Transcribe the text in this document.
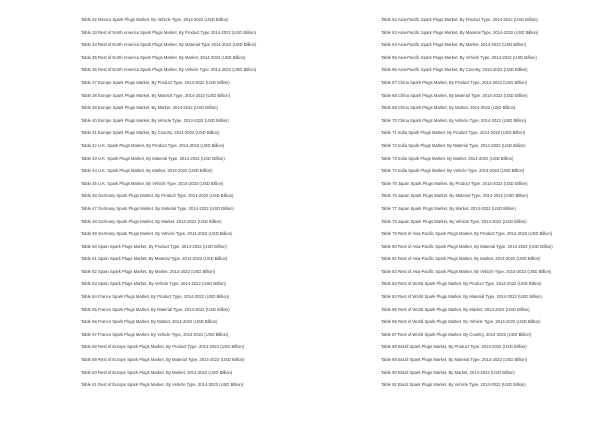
Table 32 Mexico Spark Plugs Market, By Vehicle Type, 2014-2022 (USD Billion)
Table 33 Rest of North America Spark Plugs Market, By Product Type 2014-2022 (USD Billion)
Table 34 Rest of North America Spark Plugs Market, By Material Type 2014-2022 (USD Billion)
Table 35 Rest of North America Spark Plugs Market, By Market, 2014-2022 (USD Billion)
Table 36 Rest of North America Spark Plugs Market, By Vehicle Type, 2014-2022 (USD Billion)
Table 37 Europe Spark Plugs Market, By Product Type, 2014-2022 (USD Billion)
Table 38 Europe Spark Plugs Market, By Material Type, 2014-2022 (USD Billion)
Table 39 Europe Spark Plugs Market, By Market, 2014-2022 (USD Billion)
Table 40 Europe Spark Plugs Market, By Vehicle Type, 2014-2022 (USD Billion)
Table 41 Europe Spark Plugs Market, By Country, 2014-2022 (USD Billion)
Table 42 U.K. Spark Plugs Market, By Product Type, 2014-2022 (USD Billion)
Table 43 U.K. Spark Plugs Market, By Material Type, 2014-2022 (USD Billion)
Table 44 U.K. Spark Plugs Market, By Market, 2014-2022 (USD Billion)
Table 45 U.K. Spark Plugs Market, By Vehicle Type, 2014-2022 (USD Billion)
Table 46 Germany Spark Plugs Market, By Product Type, 2014-2022 (USD Billion)
Table 47 Germany Spark Plugs Market, By Material Type, 2014-2022 (USD Billion)
Table 48 Germany Spark Plugs Market, By Market, 2014-2022 (USD Billion)
Table 49 Germany Spark Plugs Market, By Vehicle Type, 2014-2022 (USD Billion)
Table 50 Spain Spark Plugs Market, By Product Type, 2014-2022 (USD Billion)
Table 51 Spain Spark Plugs Market, By Material Type, 2014-2022 (USD Billion)
Table 52 Spain Spark Plugs Market, By Market, 2014-2022 (USD Billion)
Table 53 Spain Spark Plugs Market, By Vehicle Type, 2014-2022 (USD Billion)
Table 54 France Spark Plugs Market, By Product Type, 2014-2022 (USD Billion)
Table 55 France Spark Plugs Market, By Material Type, 2014-2022 (USD Billion)
Table 56 France Spark Plugs Market, By Market, 2014-2022 (USD Billion)
Table 57 France Spark Plugs Market, By Vehicle Type, 2014-2022 (USD Billion)
Table 58 Rest of Europe Spark Plugs Market, By Product Type, 2014-2022 (USD Billion)
Table 59 Rest of Europe Spark Plugs Market, By Material Type, 2014-2022 (USD Billion)
Table 60 Rest of Europe Spark Plugs Market, By Market, 2014-2022 (USD Billion)
Table 61 Rest of Europe Spark Plugs Market, By Vehicle Type, 2014-2022 (USD Billion)
Table 62 Asia-Pacific Spark Plugs Market, By Product Type, 2014-2022 (USD Billion)
Table 63 Asia-Pacific Spark Plugs Market, By Material Type, 2014-2022 (USD Billion)
Table 64 Asia-Pacific Spark Plugs Market, By Market, 2014-2022 (USD Billion)
Table 65 Asia-Pacific Spark Plugs Market, By Vehicle Type, 2014-2022 (USD Billion)
Table 66 Asia-Pacific Spark Plugs Market, By Country, 2014-2022 (USD Billion)
Table 67 China Spark Plugs Market, By Product Type, 2014-2022 (USD Billion)
Table 68 China Spark Plugs Market, By Material Type, 2014-2022 (USD Billion)
Table 69 China Spark Plugs Market, By Market, 2014-2022 (USD Billion)
Table 70 China Spark Plugs Market, By Vehicle Type, 2014-2022 (USD Billion)
Table 71 India Spark Plugs Market, By Product Type, 2014-2022 (USD Billion)
Table 72 India Spark Plugs Market, By Material Type, 2014-2022 (USD Billion)
Table 73 India Spark Plugs Market, By Market, 2014-2022 (USD Billion)
Table 74 India Spark Plugs Market, By Vehicle Type, 2014-2022 (USD Billion)
Table 75 Japan Spark Plugs Market, By Product Type, 2014-2022 (USD Billion)
Table 76 Japan Spark Plugs Market, By Material Type, 2014-2022 (USD Billion)
Table 77 Japan Spark Plugs Market, By Market, 2014-2022 (USD Billion)
Table 78 Japan Spark Plugs Market, By Vehicle Type, 2014-2022 (USD Billion)
Table 79 Rest of Asia-Pacific Spark Plugs Market, By Product Type, 2014-2022 (USD Billion)
Table 80 Rest of Asia-Pacific Spark Plugs Market, By Material Type, 2014-2022 (USD Billion)
Table 81 Rest of Asia-Pacific Spark Plugs Market, By Market, 2014-2022 (USD Billion)
Table 82 Rest of Asia-Pacific Spark Plugs Market, By Vehicle Type, 2014-2022 (USD Billion)
Table 83 Rest of World Spark Plugs Market, By Product Type, 2014-2022 (USD Billion)
Table 84 Rest of World Spark Plugs Market, By Material Type, 2014-2022 (USD Billion)
Table 85 Rest of World Spark Plugs Market, By Market, 2014-2022 (USD Billion)
Table 86 Rest of World Spark Plugs Market, By Vehicle Type, 2014-2022 (USD Billion)
Table 87 Rest of World Spark Plugs Market, By Country, 2014-2022 (USD Billion)
Table 88 Brazil Spark Plugs Market, By Product Type, 2014-2022 (USD Billion)
Table 89 Brazil Spark Plugs Market, By Material Type, 2014-2022 (USD Billion)
Table 90 Brazil Spark Plugs Market, By Market, 2014-2022 (USD Billion)
Table 91 Brazil Spark Plugs Market, By Vehicle Type, 2014-2022 (USD Billion)
